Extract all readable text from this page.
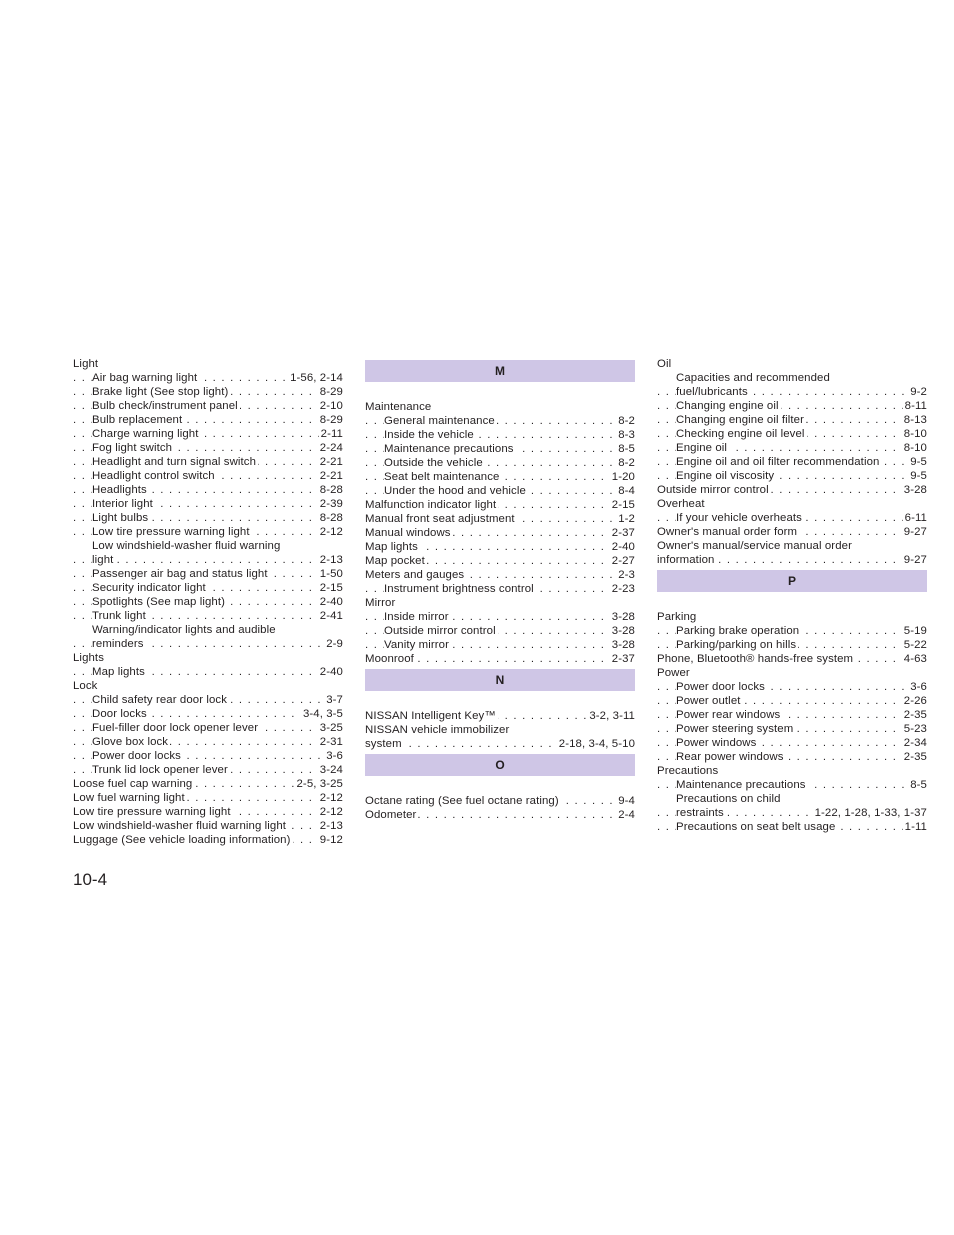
Light
Air bag warning light	1-56, 2-14
. . .
Brake light (See stop light)	8-29
. . .
Bulb check/instrument panel	2-10
. . .
Bulb replacement	8-29
. . .
Charge warning light	2-11
. . .
Fog light switch	2-24
. . .
Headlight and turn signal switch	2-21
. . .
Headlight control switch	2-21
. . .
Headlights	8-28
. . .
Interior light	2-39
. . .
Light bulbs	8-28
. . .
Low tire pressure warning light	2-12
. . .
Low windshield-washer fluid warning
light	2-13
. . .
Passenger air bag and status light	1-50
. . .
Security indicator light	2-15
. . .
Spotlights (See map light)	2-40
. . .
Trunk light	2-41
. . .
Warning/indicator lights and audible
reminders	2-9
. . .
Lights
Map lights	2-40
. . .
Lock
Child safety rear door lock	3-7
. . .
Door locks	3-4, 3-5
. . .
Fuel-filler door lock opener lever	3-25
. . .
Glove box lock	2-31
. . .
Power door locks	3-6
. . .
Trunk lid lock opener lever	3-24
. . .
Loose fuel cap warning	2-5, 3-25
. . .
Low fuel warning light	2-12
. . .
Low tire pressure warning light	2-12
. . .
Low windshield-washer fluid warning light	2-13
. . .
Luggage (See vehicle loading information)	9-12
. . .
M
Maintenance
General maintenance	8-2
. . .
Inside the vehicle	8-3
. . .
Maintenance precautions	8-5
. . .
Outside the vehicle	8-2
. . .
Seat belt maintenance	1-20
. . .
Under the hood and vehicle	8-4
. . .
Malfunction indicator light	2-15
. . .
Manual front seat adjustment	1-2
. . .
Manual windows	2-37
. . .
Map lights	2-40
. . .
Map pocket	2-27
. . .
Meters and gauges	2-3
. . .
Instrument brightness control	2-23
. . .
Mirror
Inside mirror	3-28
. . .
Outside mirror control	3-28
. . .
Vanity mirror	3-28
. . .
Moonroof	2-37
. . .
N
NISSAN Intelligent Key™	3-2, 3-11
. . .
NISSAN vehicle immobilizer
system	2-18, 3-4, 5-10
. . .
O
Octane rating (See fuel octane rating)	9-4
. . .
Odometer	2-4
. . .
Oil
Capacities and recommended
fuel/lubricants	9-2
. . .
Changing engine oil	8-11
. . .
Changing engine oil filter	8-13
. . .
Checking engine oil level	8-10
. . .
Engine oil	8-10
. . .
Engine oil and oil filter recommendation	9-5
. . .
Engine oil viscosity	9-5
. . .
Outside mirror control	3-28
. . .
Overheat
If your vehicle overheats	6-11
. . .
Owner's manual order form	9-27
. . .
Owner's manual/service manual order
information	9-27
. . .
P
Parking
Parking brake operation	5-19
. . .
Parking/parking on hills	5-22
. . .
Phone, Bluetooth® hands-free system	4-63
. . .
Power
Power door locks	3-6
. . .
Power outlet	2-26
. . .
Power rear windows	2-35
. . .
Power steering system	5-23
. . .
Power windows	2-34
. . .
Rear power windows	2-35
. . .
Precautions
Maintenance precautions	8-5
. . .
Precautions on child
restraints	1-22, 1-28, 1-33, 1-37
. . .
Precautions on seat belt usage	1-11
. . .
10-4
